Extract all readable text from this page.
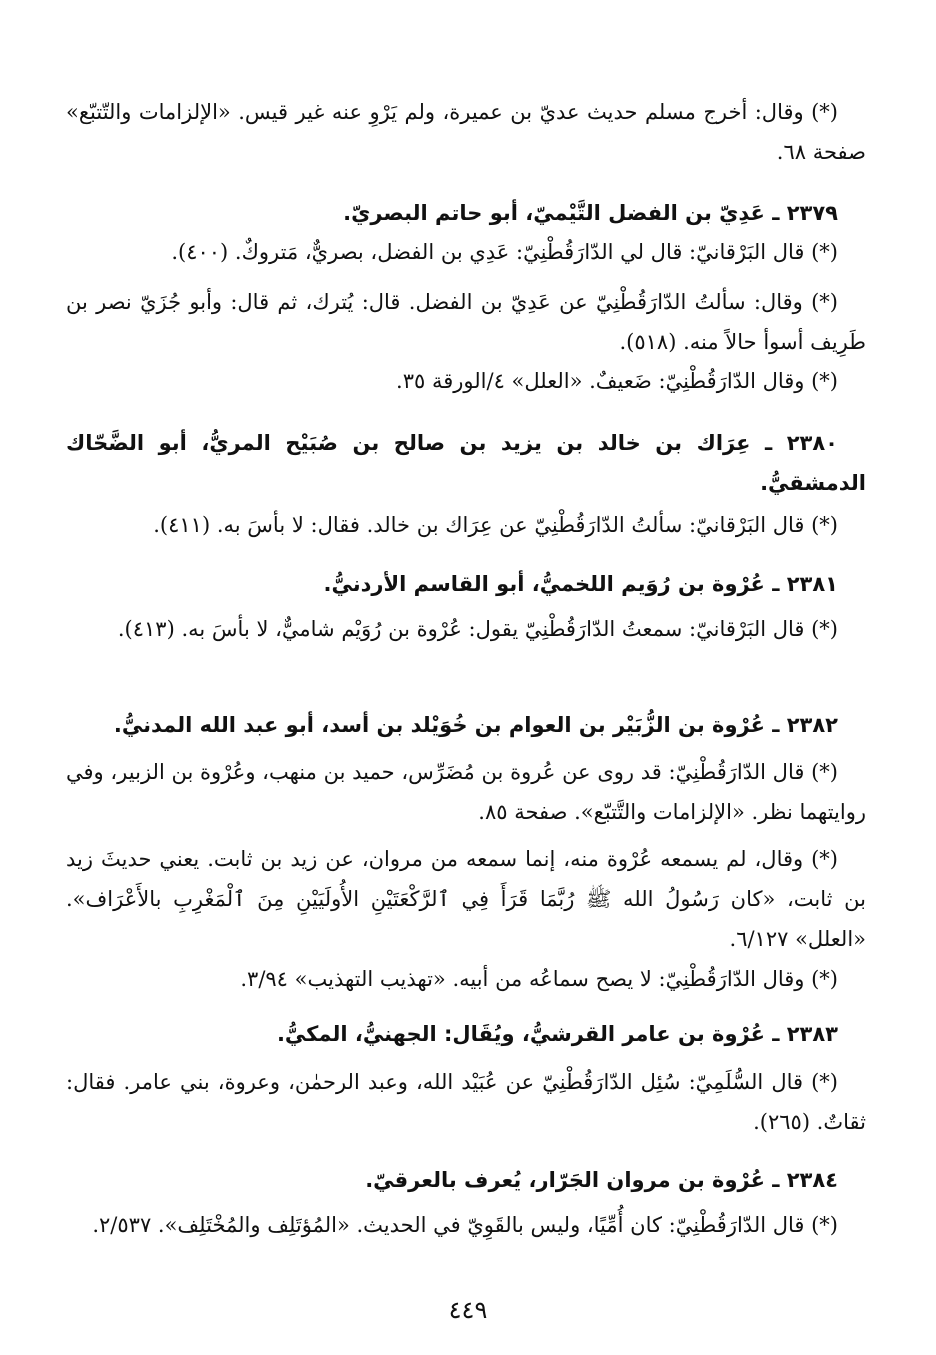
(*) وقال: أخرج مسلم حديث عديّ بن عميرة، ولم يَرْوِ عنه غير قيس. «الإلزامات والتّتبّع» صفحة ٦٨.

٢٣٧٩ ـ عَدِيّ بن الفضل التَّيْميّ، أبو حاتم البصريّ.

(*) قال البَرْقانيّ: قال لي الدّارَقُطْنِيّ: عَدِي بن الفضل، بصريٌّ، مَتروكٌ. (٤٠٠).

(*) وقال: سألتُ الدّارَقُطْنِيّ عن عَدِيّ بن الفضل. قال: يُترك، ثم قال: وأبو جُزَيّ نصر بن طَرِيف أسوأ حالاً منه. (٥١٨).

(*) وقال الدّارَقُطْنِيّ: ضَعيفٌ. «العلل» ٤/الورقة ٣٥.

٢٣٨٠ ـ عِرَاك بن خالد بن يزيد بن صالح بن صُبَيْح المريُّ، أبو الضَّحّاك الدمشقيُّ.

(*) قال البَرْقانيّ: سألتُ الدّارَقُطْنِيّ عن عِرَاك بن خالد. فقال: لا بأسَ به. (٤١١).

٢٣٨١ ـ عُرْوة بن رُوَيم اللخميُّ، أبو القاسم الأردنيُّ.

(*) قال البَرْقانيّ: سمعتُ الدّارَقُطْنِيّ يقول: عُرْوة بن رُوَيْم شاميٌّ، لا بأسَ به. (٤١٣).

٢٣٨٢ ـ عُرْوة بن الزُّبَيْر بن العوام بن خُوَيْلد بن أسد، أبو عبد الله المدنيُّ.

(*) قال الدّارَقُطْنِيّ: قد روى عن عُروة بن مُضَرِّس، حميد بن منهب، وعُرْوة بن الزبير، وفي روايتهما نظر. «الإلزامات والتَّتبّع». صفحة ٨٥.

(*) وقال، لم يسمعه عُرْوة منه، إنما سمعه من مروان، عن زيد بن ثابت. يعني حديثَ زيد بن ثابت، «كان رَسُولُ الله ﷺ رُبَّمَا قَرَأَ فِي ٱلرَّكْعَتَيْنِ الأُولَيَيْنِ مِنَ ٱلْمَغْرِبِ بالأَعْرَاف». «العلل» ٦/١٢٧.

(*) وقال الدّارَقُطْنِيّ: لا يصح سماعُه من أبيه. «تهذيب التهذيب» ٣/٩٤.

٢٣٨٣ ـ عُرْوة بن عامر القرشيُّ، ويُقَال: الجهنيُّ، المكيُّ.

(*) قال السُّلَمِيّ: سُئِل الدّارَقُطْنِيّ عن عُبَيْد الله، وعبد الرحمٰن، وعروة، بني عامر. فقال: ثقاتٌ. (٢٦٥).

٢٣٨٤ ـ عُرْوة بن مروان الجَرّار، يُعرف بالعرقيّ.

(*) قال الدّارَقُطْنِيّ: كان أُمِّيًا، وليس بالقَوِيّ في الحديث. «المُؤتَلِف والمُخْتَلِف». ٢/٥٣٧.

٤٤٩
